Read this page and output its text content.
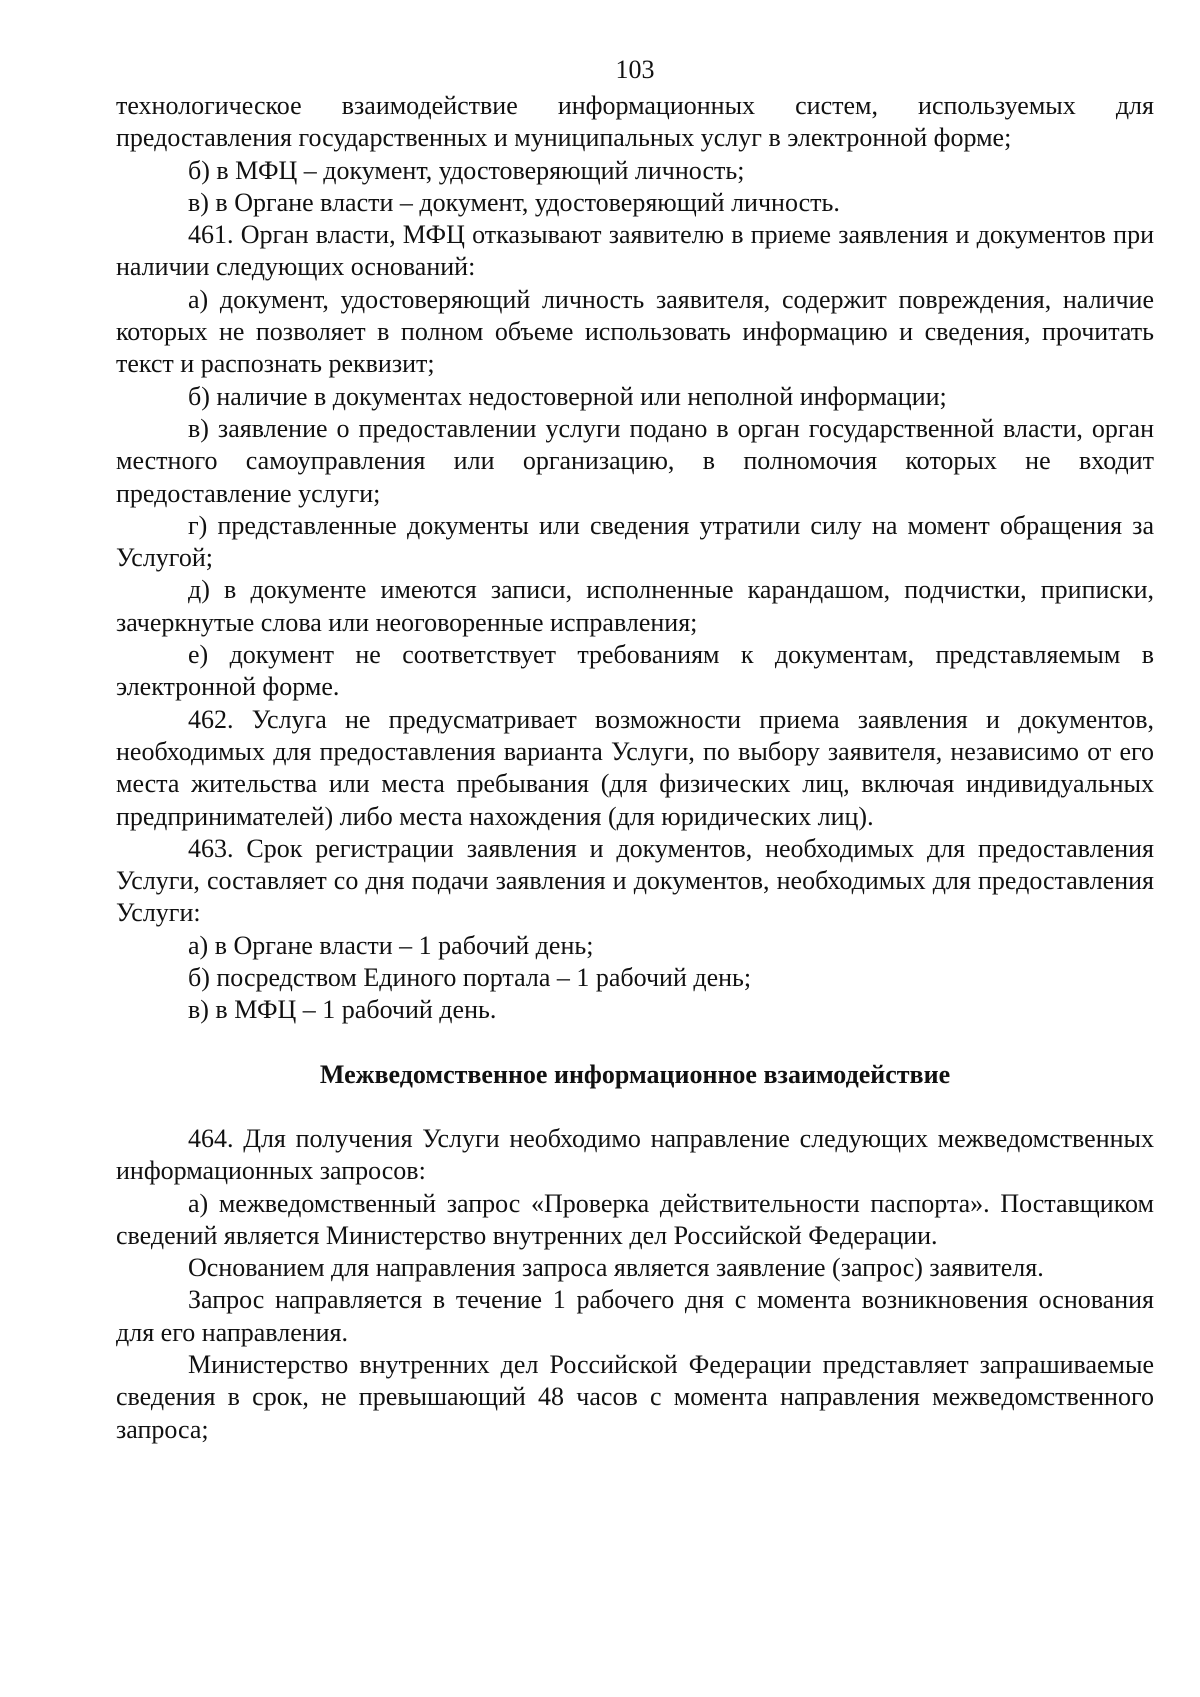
103

технологическое взаимодействие информационных систем, используемых для предоставления государственных и муниципальных услуг в электронной форме;

б) в МФЦ – документ, удостоверяющий личность;

в) в Органе власти – документ, удостоверяющий личность.

461. Орган власти, МФЦ отказывают заявителю в приеме заявления и документов при наличии следующих оснований:

а) документ, удостоверяющий личность заявителя, содержит повреждения, наличие которых не позволяет в полном объеме использовать информацию и сведения, прочитать текст и распознать реквизит;

б) наличие в документах недостоверной или неполной информации;

в) заявление о предоставлении услуги подано в орган государственной власти, орган местного самоуправления или организацию, в полномочия которых не входит предоставление услуги;

г) представленные документы или сведения утратили силу на момент обращения за Услугой;

д) в документе имеются записи, исполненные карандашом, подчистки, приписки, зачеркнутые слова или неоговоренные исправления;

е) документ не соответствует требованиям к документам, представляемым в электронной форме.

462. Услуга не предусматривает возможности приема заявления и документов, необходимых для предоставления варианта Услуги, по выбору заявителя, независимо от его места жительства или места пребывания (для физических лиц, включая индивидуальных предпринимателей) либо места нахождения (для юридических лиц).

463. Срок регистрации заявления и документов, необходимых для предоставления Услуги, составляет со дня подачи заявления и документов, необходимых для предоставления Услуги:

а) в Органе власти – 1 рабочий день;

б) посредством Единого портала – 1 рабочий день;

в) в МФЦ – 1 рабочий день.

Межведомственное информационное взаимодействие

464. Для получения Услуги необходимо направление следующих межведомственных информационных запросов:

а) межведомственный запрос «Проверка действительности паспорта». Поставщиком сведений является Министерство внутренних дел Российской Федерации.

Основанием для направления запроса является заявление (запрос) заявителя.

Запрос направляется в течение 1 рабочего дня с момента возникновения основания для его направления.

Министерство внутренних дел Российской Федерации представляет запрашиваемые сведения в срок, не превышающий 48 часов с момента направления межведомственного запроса;
